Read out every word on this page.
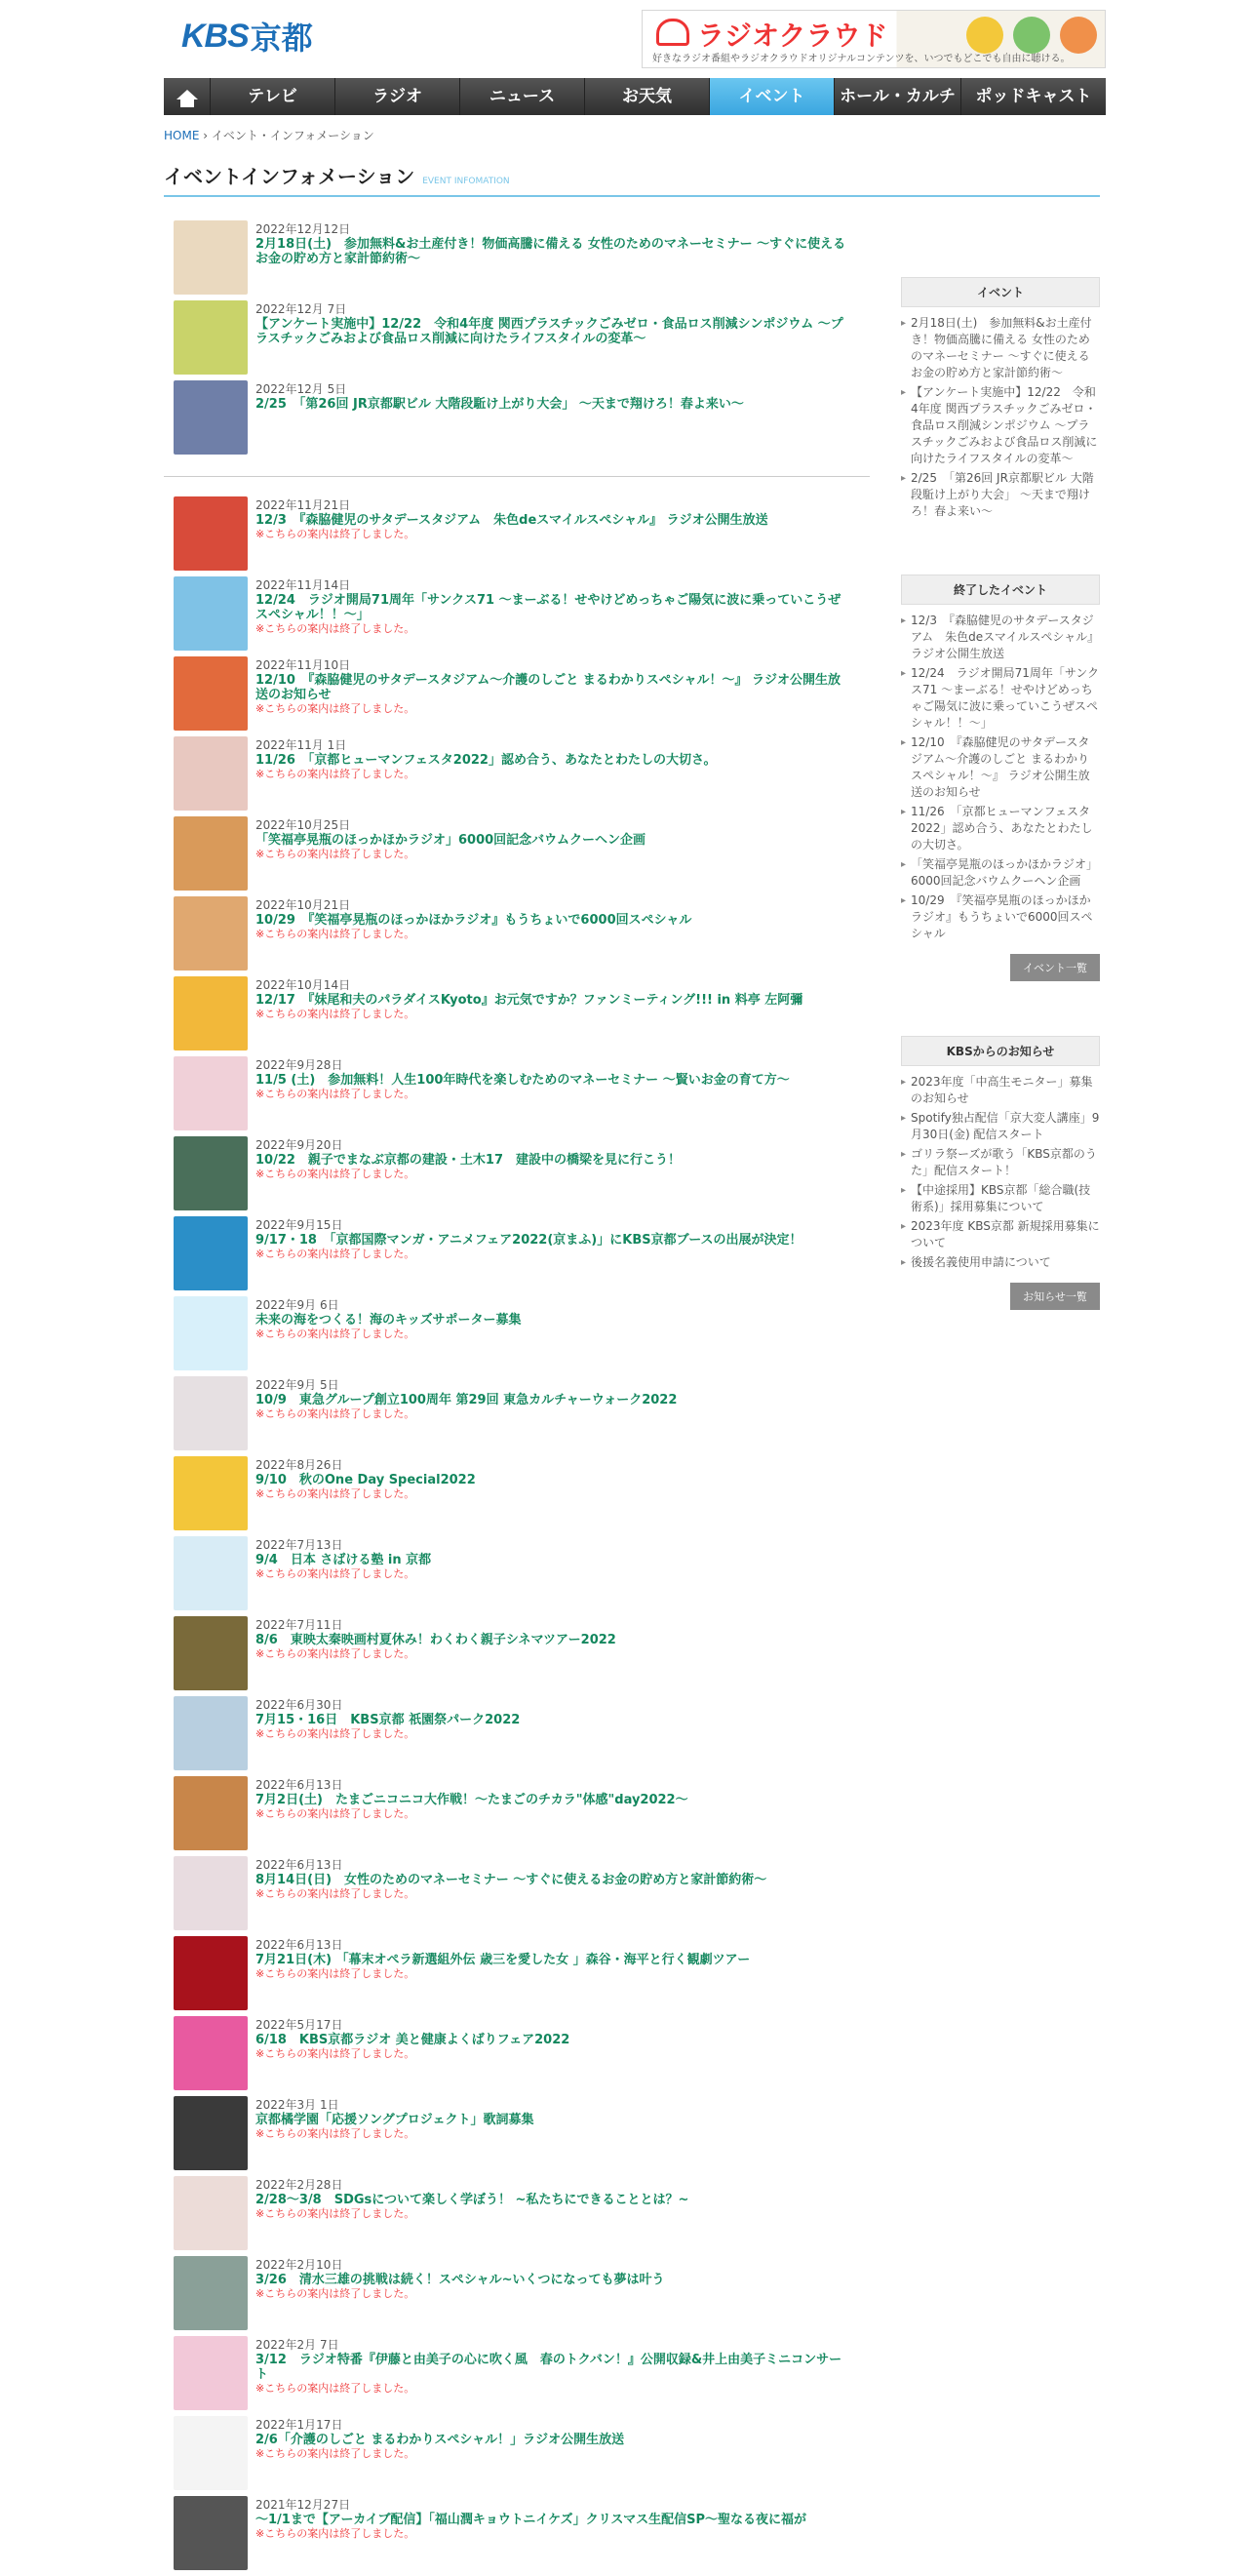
KBS 京都	ラジオクラウド
好きなラジオ番組やラジオクラウドオリジナルコンテンツを、いつでもどこでも自由に聴ける。
テレビ	ラジオ	ニュース	お天気	イベント	ホール・カルチャー
ポッドキャスト
HOME › イベント・インフォメーション
イベントインフォメーション EVENT INFOMATION
2022年12月12日
2月18日(土)　参加無料&お土産付き！物価高騰に備える 女性のためのマネーセミナー ～すぐに使えるお金の貯め方と家計節約術～
2022年12月 7日
【アンケート実施中】12/22　令和4年度 関西プラスチックごみゼロ・食品ロス削減シンポジウム ～プラスチックごみおよび食品ロス削減に向けたライフスタイルの変革～
2022年12月 5日
2/25　「第26回 JR京都駅ビル 大階段駈け上がり大会」 ～天まで翔けろ！春よ来い～
2022年11月21日
12/3　『森脇健児のサタデースタジアム　朱色deスマイルスペシャル』 ラジオ公開生放送
※こちらの案内は終了しました。
2022年11月14日
12/24　ラジオ開局71周年「サンクス71 ～まーぶる！せやけどめっちゃご陽気に波に乗っていこうぜスペシャル！！～」
※こちらの案内は終了しました。
2022年11月10日
12/10　『森脇健児のサタデースタジアム～介護のしごと まるわかりスペシャル！～』 ラジオ公開生放送のお知らせ
※こちらの案内は終了しました。
2022年11月 1日
11/26　「京都ヒューマンフェスタ2022」認め合う、あなたとわたしの大切さ。
※こちらの案内は終了しました。
2022年10月25日
「笑福亭晃瓶のほっかほかラジオ」6000回記念バウムクーヘン企画
※こちらの案内は終了しました。
2022年10月21日
10/29　『笑福亭晃瓶のほっかほかラジオ』もうちょいで6000回スペシャル
※こちらの案内は終了しました。
2022年10月14日
12/17　『妹尾和夫のパラダイスKyoto』お元気ですか？ファンミーティング!!! in 料亭 左阿彌
※こちらの案内は終了しました。
2022年9月28日
11/5 (土)　参加無料！人生100年時代を楽しむためのマネーセミナー ～賢いお金の育て方～
※こちらの案内は終了しました。
2022年9月20日
10/22　親子でまなぶ京都の建設・土木17　建設中の橋梁を見に行こう！
※こちらの案内は終了しました。
2022年9月15日
9/17・18　「京都国際マンガ・アニメフェア2022(京まふ)」にKBS京都ブースの出展が決定！
※こちらの案内は終了しました。
2022年9月 6日
未来の海をつくる！海のキッズサポーター募集
※こちらの案内は終了しました。
2022年9月 5日
10/9　東急グループ創立100周年 第29回 東急カルチャーウォーク2022
※こちらの案内は終了しました。
2022年8月26日
9/10　秋のOne Day Special2022
※こちらの案内は終了しました。
2022年7月13日
9/4　日本 さばける塾 in 京都
※こちらの案内は終了しました。
2022年7月11日
8/6　東映太秦映画村夏休み！わくわく親子シネマツアー2022
※こちらの案内は終了しました。
2022年6月30日
7月15・16日　KBS京都 祇園祭パーク2022
※こちらの案内は終了しました。
2022年6月13日
7月2日(土)　たまごニコニコ大作戦！～たまごのチカラ"体感"day2022～
※こちらの案内は終了しました。
2022年6月13日
8月14日(日)　女性のためのマネーセミナー ～すぐに使えるお金の貯め方と家計節約術～
※こちらの案内は終了しました。
2022年6月13日
7月21日(木) 「幕末オペラ新選組外伝 歳三を愛した女 」森谷・海平と行く観劇ツアー
※こちらの案内は終了しました。
2022年5月17日
6/18　KBS京都ラジオ 美と健康よくばりフェア2022
※こちらの案内は終了しました。
2022年3月 1日
京都橘学園「応援ソングプロジェクト」歌詞募集
※こちらの案内は終了しました。
2022年2月28日
2/28～3/8　SDGsについて楽しく学ぼう！ ~私たちにできることとは？~
※こちらの案内は終了しました。
2022年2月10日
3/26　清水三雄の挑戦は続く！スペシャル~いくつになっても夢は叶う
※こちらの案内は終了しました。
2022年2月 7日
3/12　ラジオ特番『伊藤と由美子の心に吹く風　春のトクバン！』公開収録&井上由美子ミニコンサート
※こちらの案内は終了しました。
2022年1月17日
2/6「介護のしごと まるわかりスペシャル！」ラジオ公開生放送
※こちらの案内は終了しました。
2021年12月27日
～1/1まで【アーカイブ配信】「福山潤キョウトニイケズ」クリスマス生配信SP～聖なる夜に福が
※こちらの案内は終了しました。
イベント
▸ 2月18日(土)　参加無料&お土産付き！物価高騰に備える 女性のためのマネーセミナー ～すぐに使えるお金の貯め方と家計節約術～
▸ 【アンケート実施中】12/22　令和4年度 関西プラスチックごみゼロ・食品ロス削減シンポジウム ～プラスチックごみおよび食品ロス削減に向けたライフスタイルの変革～
▸ 2/25　「第26回 JR京都駅ビル 大階段駈け上がり大会」 ～天まで翔けろ！春よ来い～
終了したイベント
▸ 12/3　『森脇健児のサタデースタジアム　朱色deスマイルスペシャル』 ラジオ公開生放送
▸ 12/24　ラジオ開局71周年「サンクス71 ～まーぶる！せやけどめっちゃご陽気に波に乗っていこうぜスペシャル！！～」
▸ 12/10　『森脇健児のサタデースタジアム～介護のしごと まるわかりスペシャル！～』 ラジオ公開生放送のお知らせ
▸ 11/26　「京都ヒューマンフェスタ2022」認め合う、あなたとわたしの大切さ。
▸ 「笑福亭晃瓶のほっかほかラジオ」6000回記念バウムクーヘン企画
▸ 10/29　『笑福亭晃瓶のほっかほかラジオ』もうちょいで6000回スペシャル
イベント一覧
KBSからのお知らせ
▸ 2023年度「中高生モニター」募集のお知らせ
▸ Spotify独占配信「京大変人講座」9月30日(金) 配信スタート
▸ ゴリラ祭ーズが歌う「KBS京都のうた」配信スタート！
▸ 【中途採用】KBS京都「総合職(技術系)」採用募集について
▸ 2023年度 KBS京都 新規採用募集について
▸ 後援名義使用申請について
お知らせ一覧
